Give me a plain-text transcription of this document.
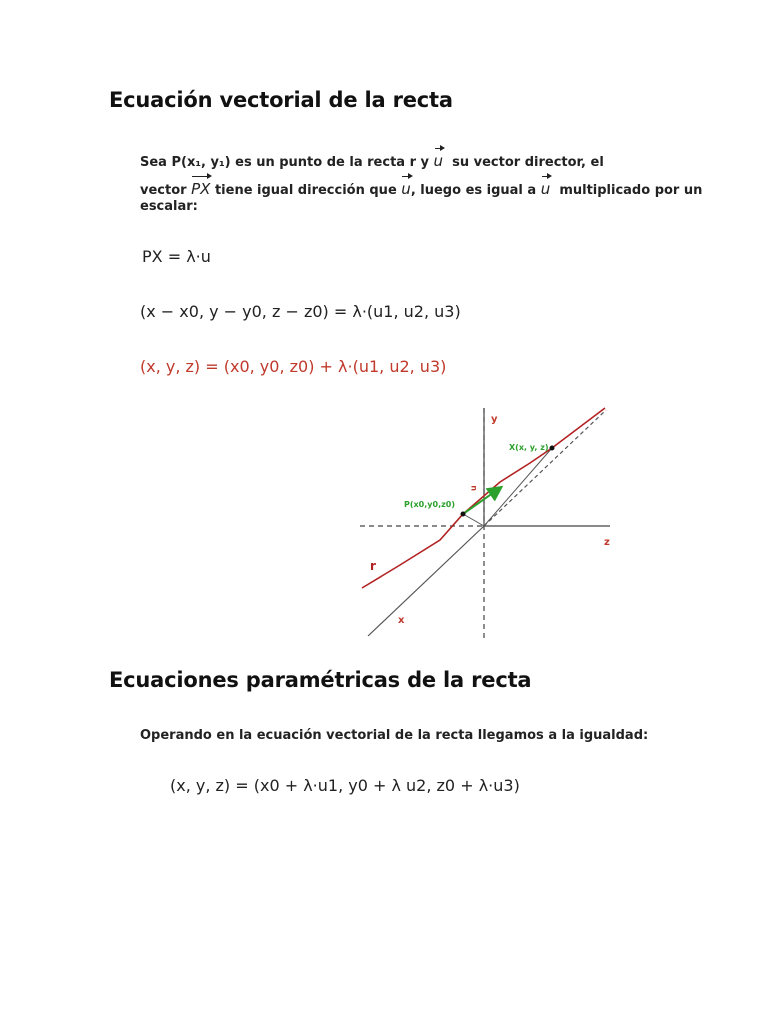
Ecuación vectorial de la recta
Sea P(x₁, y₁) es un punto de la recta r y u su vector director, el
vector PX tiene igual dirección que u, luego es igual a u multiplicado por un
escalar:
PX = λ·u
(x − x0, y − y0, z − z0) = λ·(u1, u2, u3)
(x, y, z) = (x0, y0, z0) + λ·(u1, u2, u3)
y
z
x
r
P(x0,y0,z0)
X(x, y, z)
u
Ecuaciones paramétricas de la recta
Operando en la ecuación vectorial de la recta llegamos a la igualdad:
(x, y, z) = (x0 + λ·u1, y0 + λ u2, z0 + λ·u3)
